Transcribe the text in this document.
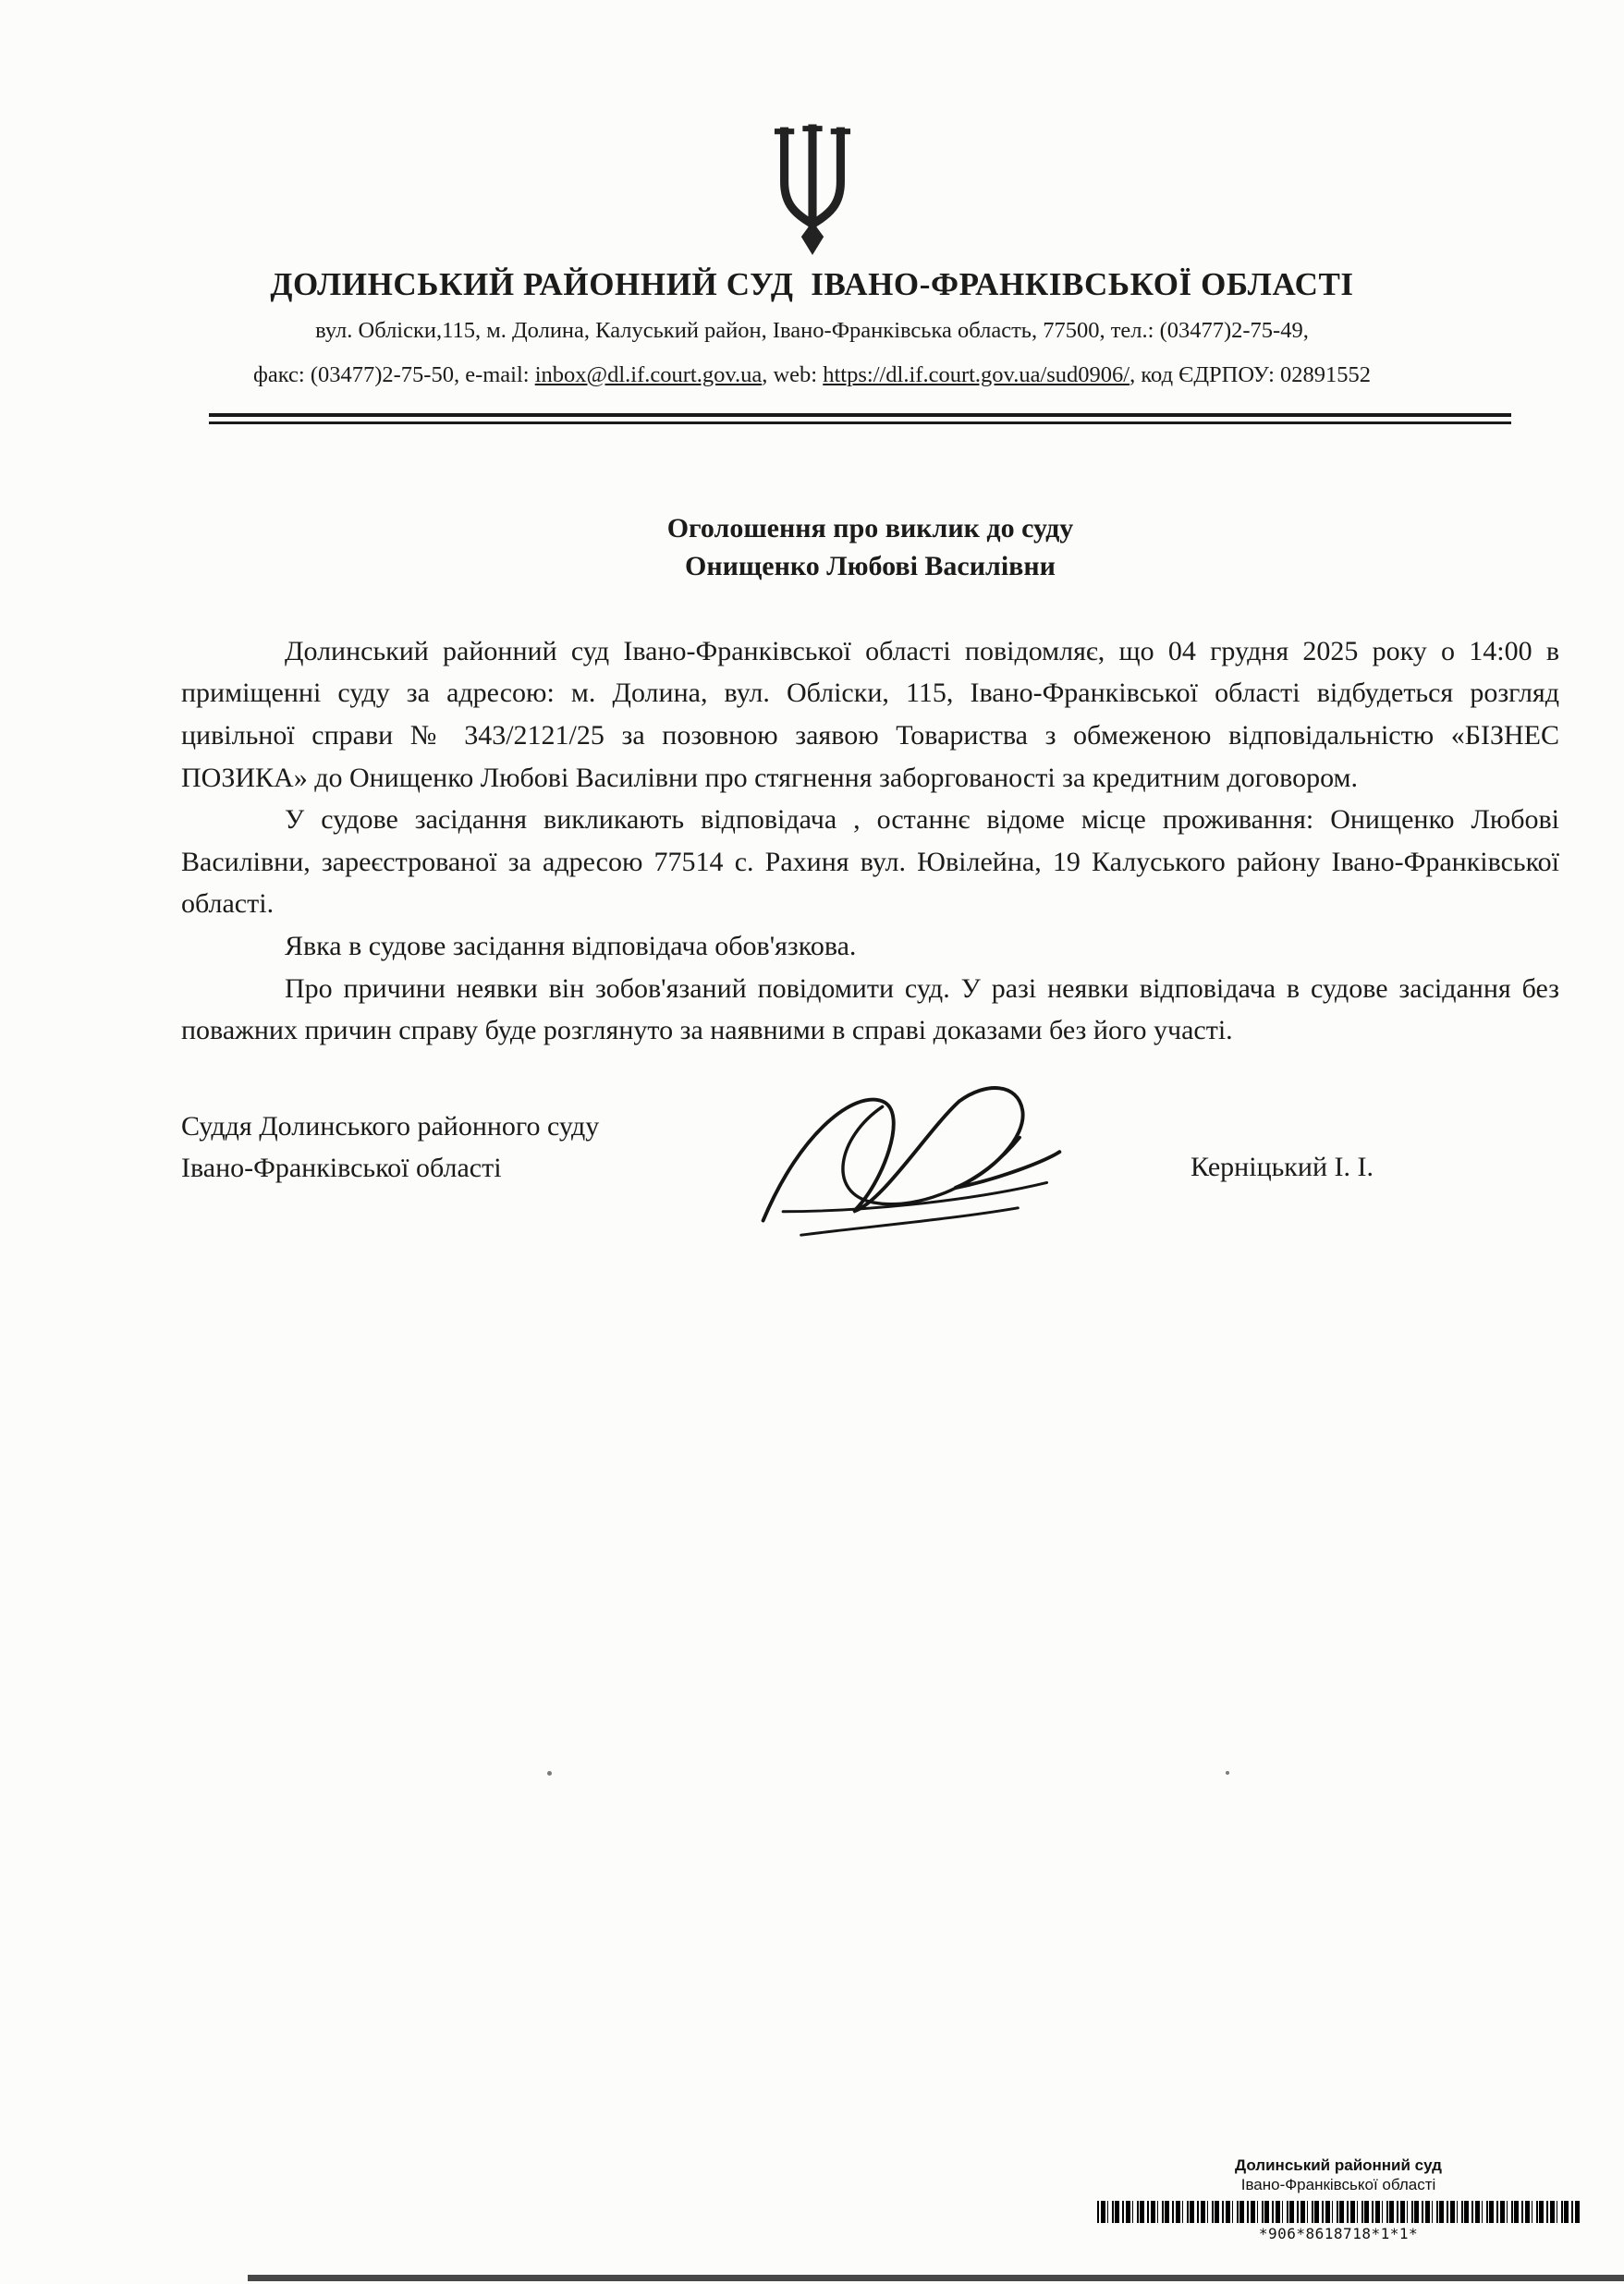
ДОЛИНСЬКИЙ РАЙОННИЙ СУД  ІВАНО-ФРАНКІВСЬКОЇ ОБЛАСТІ
вул. Обліски,115, м. Долина, Калуський район, Івано-Франківська область, 77500, тел.: (03477)2-75-49,
факс: (03477)2-75-50, e-mail: inbox@dl.if.court.gov.ua, web: https://dl.if.court.gov.ua/sud0906/, код ЄДРПОУ: 02891552
Оголошення про виклик до суду
Онищенко Любові Василівни

Долинський районний суд Івано-Франківської області повідомляє, що 04 грудня 2025 року о 14:00 в приміщенні суду за адресою: м. Долина, вул. Обліски, 115, Івано-Франківської області відбудеться розгляд цивільної справи № 343/2121/25 за позовною заявою Товариства з обмеженою відповідальністю «БІЗНЕС ПОЗИКА» до Онищенко Любові Василівни про стягнення заборгованості за кредитним договором.

У судове засідання викликають відповідача , останнє відоме місце проживання: Онищенко Любові Василівни, зареєстрованої за адресою 77514 с. Рахиня вул. Ювілейна, 19 Калуського району Івано-Франківської області.

Явка в судове засідання відповідача обов'язкова.

Про причини неявки він зобов'язаний повідомити суд. У разі неявки відповідача в судове засідання без поважних причин справу буде розглянуто за наявними в справі доказами без його участі.

Суддя Долинського районного суду
Івано-Франківської області	Керніцький І. І.
Долинський районний суд
Івано-Франківської області
*906*8618718*1*1*
